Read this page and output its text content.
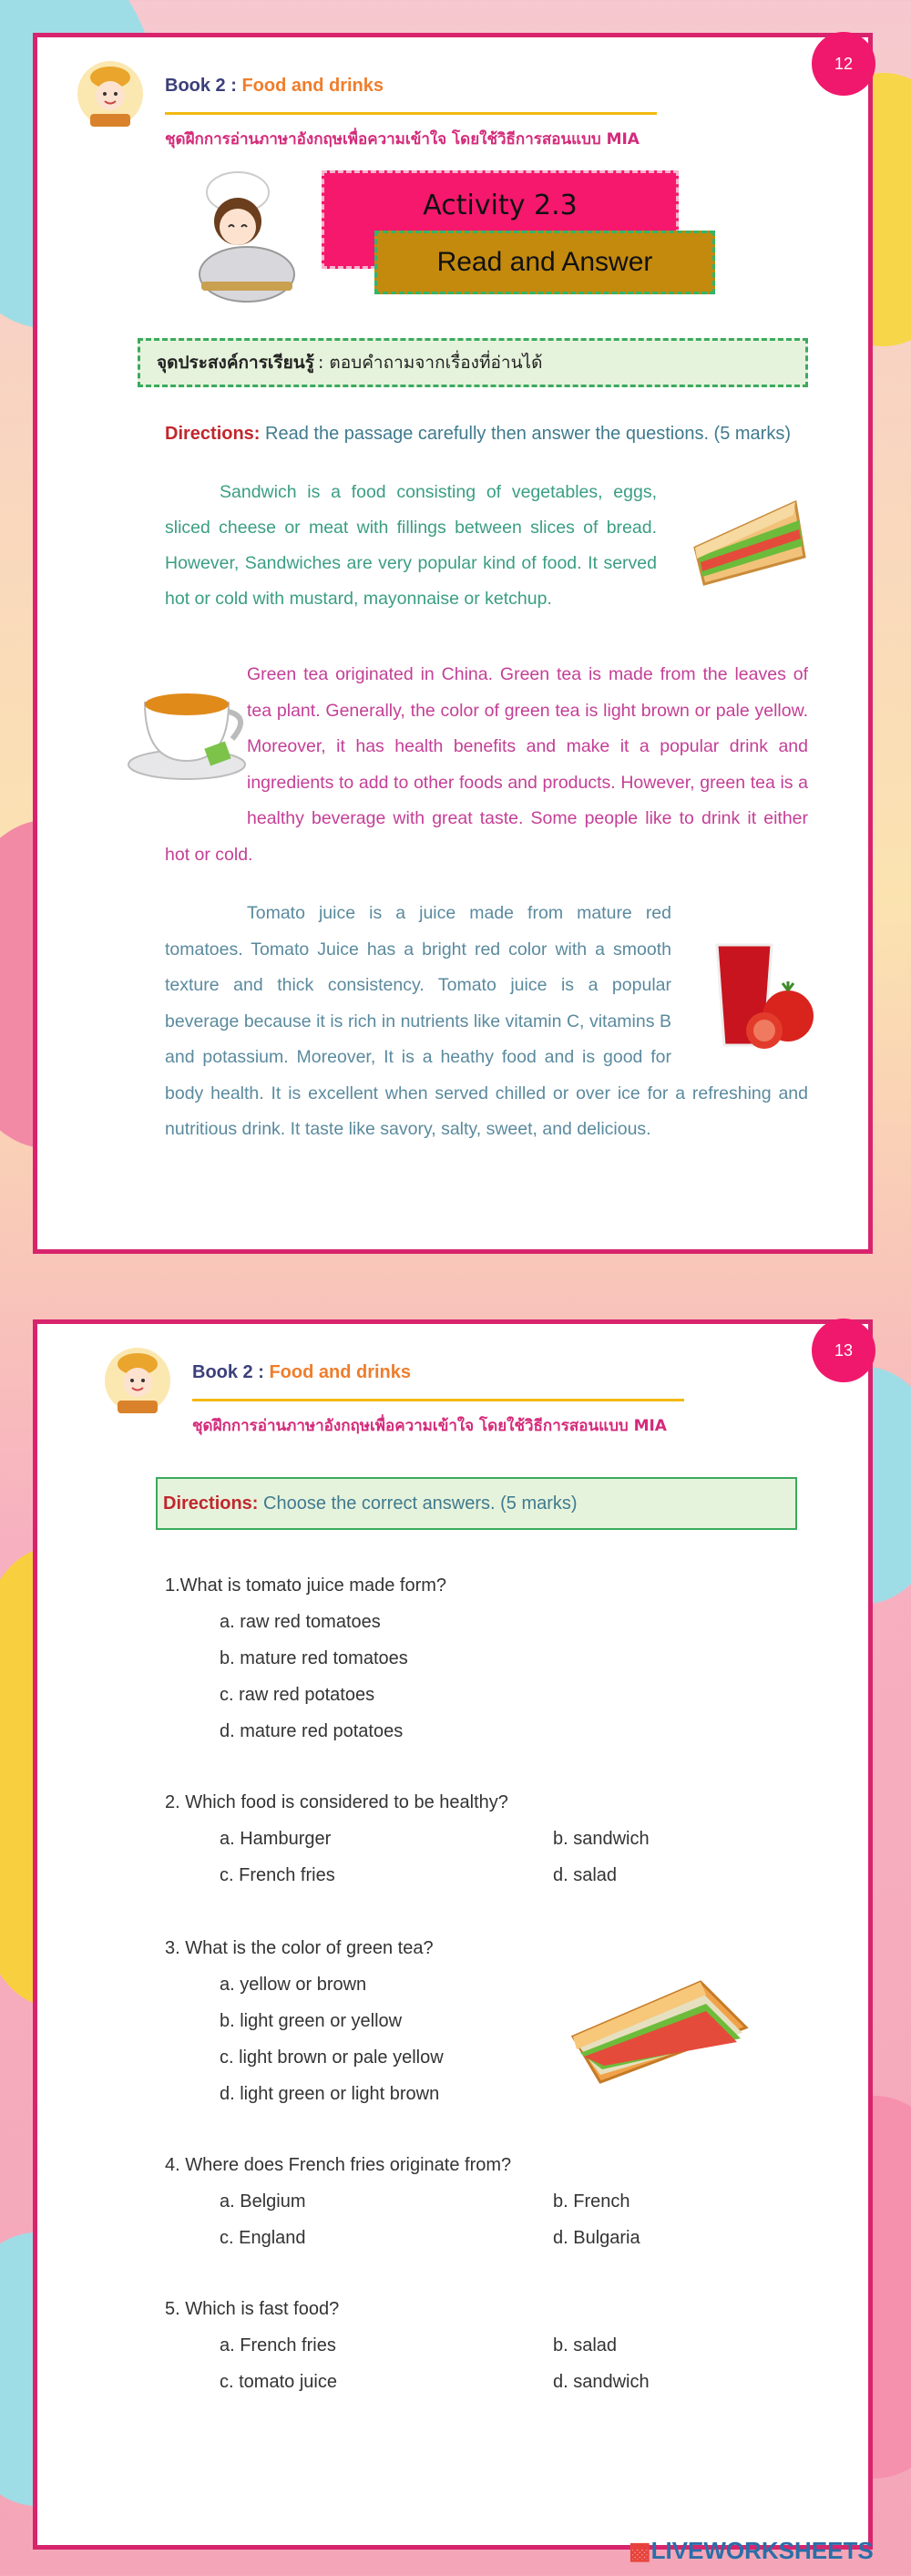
12
Book 2 : Food and drinks
ชุดฝึกการอ่านภาษาอังกฤษเพื่อความเข้าใจ โดยใช้วิธีการสอนแบบ MIA
Activity 2.3
Read and Answer
จุดประสงค์การเรียนรู้ : ตอบคำถามจากเรื่องที่อ่านได้
Directions: Read the passage carefully then answer the questions. (5 marks)

Sandwich is a food consisting of vegetables, eggs, sliced cheese or meat with fillings between slices of bread. However, Sandwiches are very popular kind of food. It served hot or cold with mustard, mayonnaise or ketchup.

Green tea originated in China. Green tea is made from the leaves of tea plant. Generally, the color of green tea is light brown or pale yellow. Moreover, it has health benefits and make it a popular drink and ingredients to add to other foods and products. However, green tea is a healthy beverage with great taste. Some people like to drink it either hot or cold.
Tomato juice is a juice made from mature red tomatoes. Tomato Juice has a bright red color with a smooth texture and thick consistency. Tomato juice is a popular beverage because it is rich in nutrients like vitamin C, vitamins B and potassium. Moreover, It is a heathy food and is good for body health. It is excellent when served chilled or over ice for a refreshing and nutritious drink. It taste like savory, salty, sweet, and delicious.
13
Book 2 : Food and drinks
ชุดฝึกการอ่านภาษาอังกฤษเพื่อความเข้าใจ โดยใช้วิธีการสอนแบบ MIA
Directions:
Choose the correct answers. (5 marks)
1.What is tomato juice made form?
a. raw red tomatoes
b. mature red tomatoes
c. raw red potatoes
d. mature red potatoes
2. Which food is considered to be healthy?
a. Hamburger	b. sandwich
c. French fries	d. salad
3. What is the color of green tea?
a. yellow or brown
b. light green or yellow
c. light brown or pale yellow
d. light green or light brown
4. Where does French fries originate from?
a. Belgium	b. French
c. England	d. Bulgaria
5. Which is fast food?
a. French fries	b. salad
c. tomato juice	d. sandwich
▩LIVEWORKSHEETS
